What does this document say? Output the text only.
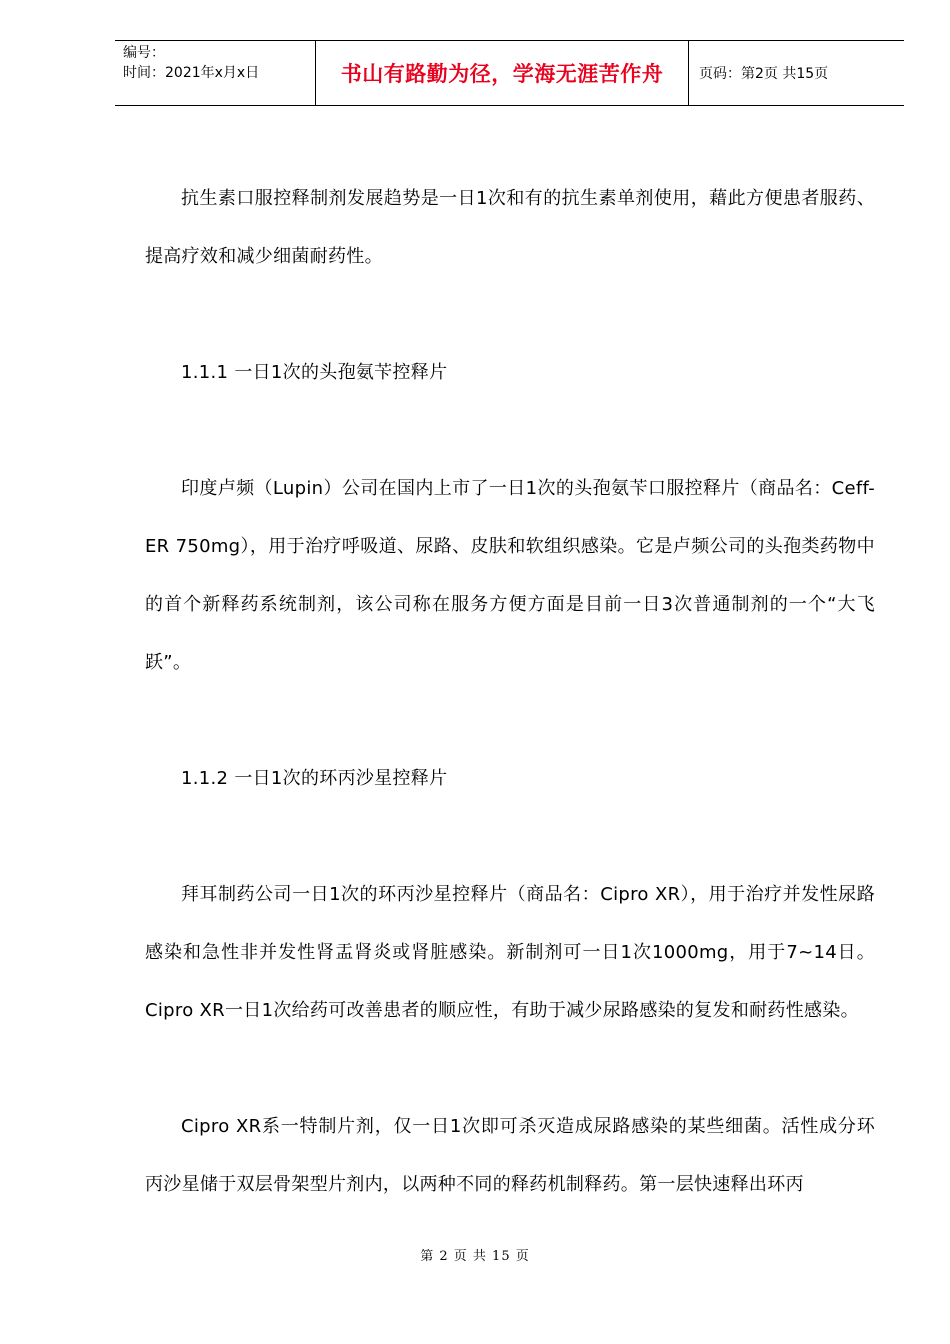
编号：
时间：2021年x月x日	书山有路勤为径，学海无涯苦作舟	页码：第2页 共15页

抗生素口服控释制剂发展趋势是一日1次和有的抗生素单剂使用，藉此方便患者服药、提高疗效和减少细菌耐药性。

1.1.1 一日1次的头孢氨苄控释片

印度卢频（Lupin）公司在国内上市了一日1次的头孢氨苄口服控释片（商品名：Ceff-ER 750mg），用于治疗呼吸道、尿路、皮肤和软组织感染。它是卢频公司的头孢类药物中的首个新释药系统制剂，该公司称在服务方便方面是目前一日3次普通制剂的一个“大飞跃”。

1.1.2 一日1次的环丙沙星控释片

拜耳制药公司一日1次的环丙沙星控释片（商品名：Cipro XR），用于治疗并发性尿路感染和急性非并发性肾盂肾炎或肾脏感染。新制剂可一日1次1000mg，用于7~14日。Cipro XR一日1次给药可改善患者的顺应性，有助于减少尿路感染的复发和耐药性感染。

Cipro XR系一特制片剂，仅一日1次即可杀灭造成尿路感染的某些细菌。活性成分环丙沙星储于双层骨架型片剂内，以两种不同的释药机制释药。第一层快速释出环丙

第 2 页 共 15 页
